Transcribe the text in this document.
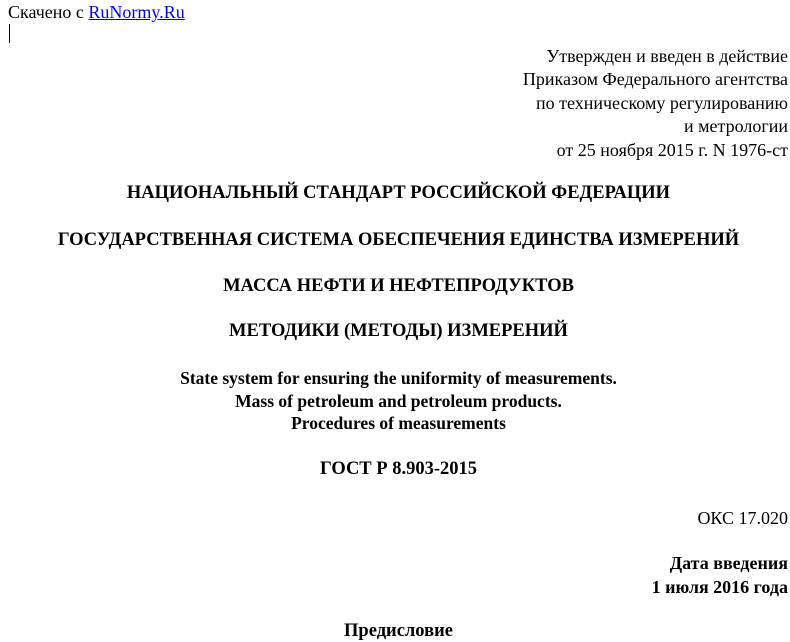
Скачено с RuNormy.Ru
Утвержден и введен в действие
Приказом Федерального агентства
по техническому регулированию
и метрологии
от 25 ноября 2015 г. N 1976-ст
НАЦИОНАЛЬНЫЙ СТАНДАРТ РОССИЙСКОЙ ФЕДЕРАЦИИ
ГОСУДАРСТВЕННАЯ СИСТЕМА ОБЕСПЕЧЕНИЯ ЕДИНСТВА ИЗМЕРЕНИЙ
МАССА НЕФТИ И НЕФТЕПРОДУКТОВ
МЕТОДИКИ (МЕТОДЫ) ИЗМЕРЕНИЙ
State system for ensuring the uniformity of measurements.
Mass of petroleum and petroleum products.
Procedures of measurements
ГОСТ Р 8.903-2015
ОКС 17.020
Дата введения
1 июля 2016 года
Предисловие
